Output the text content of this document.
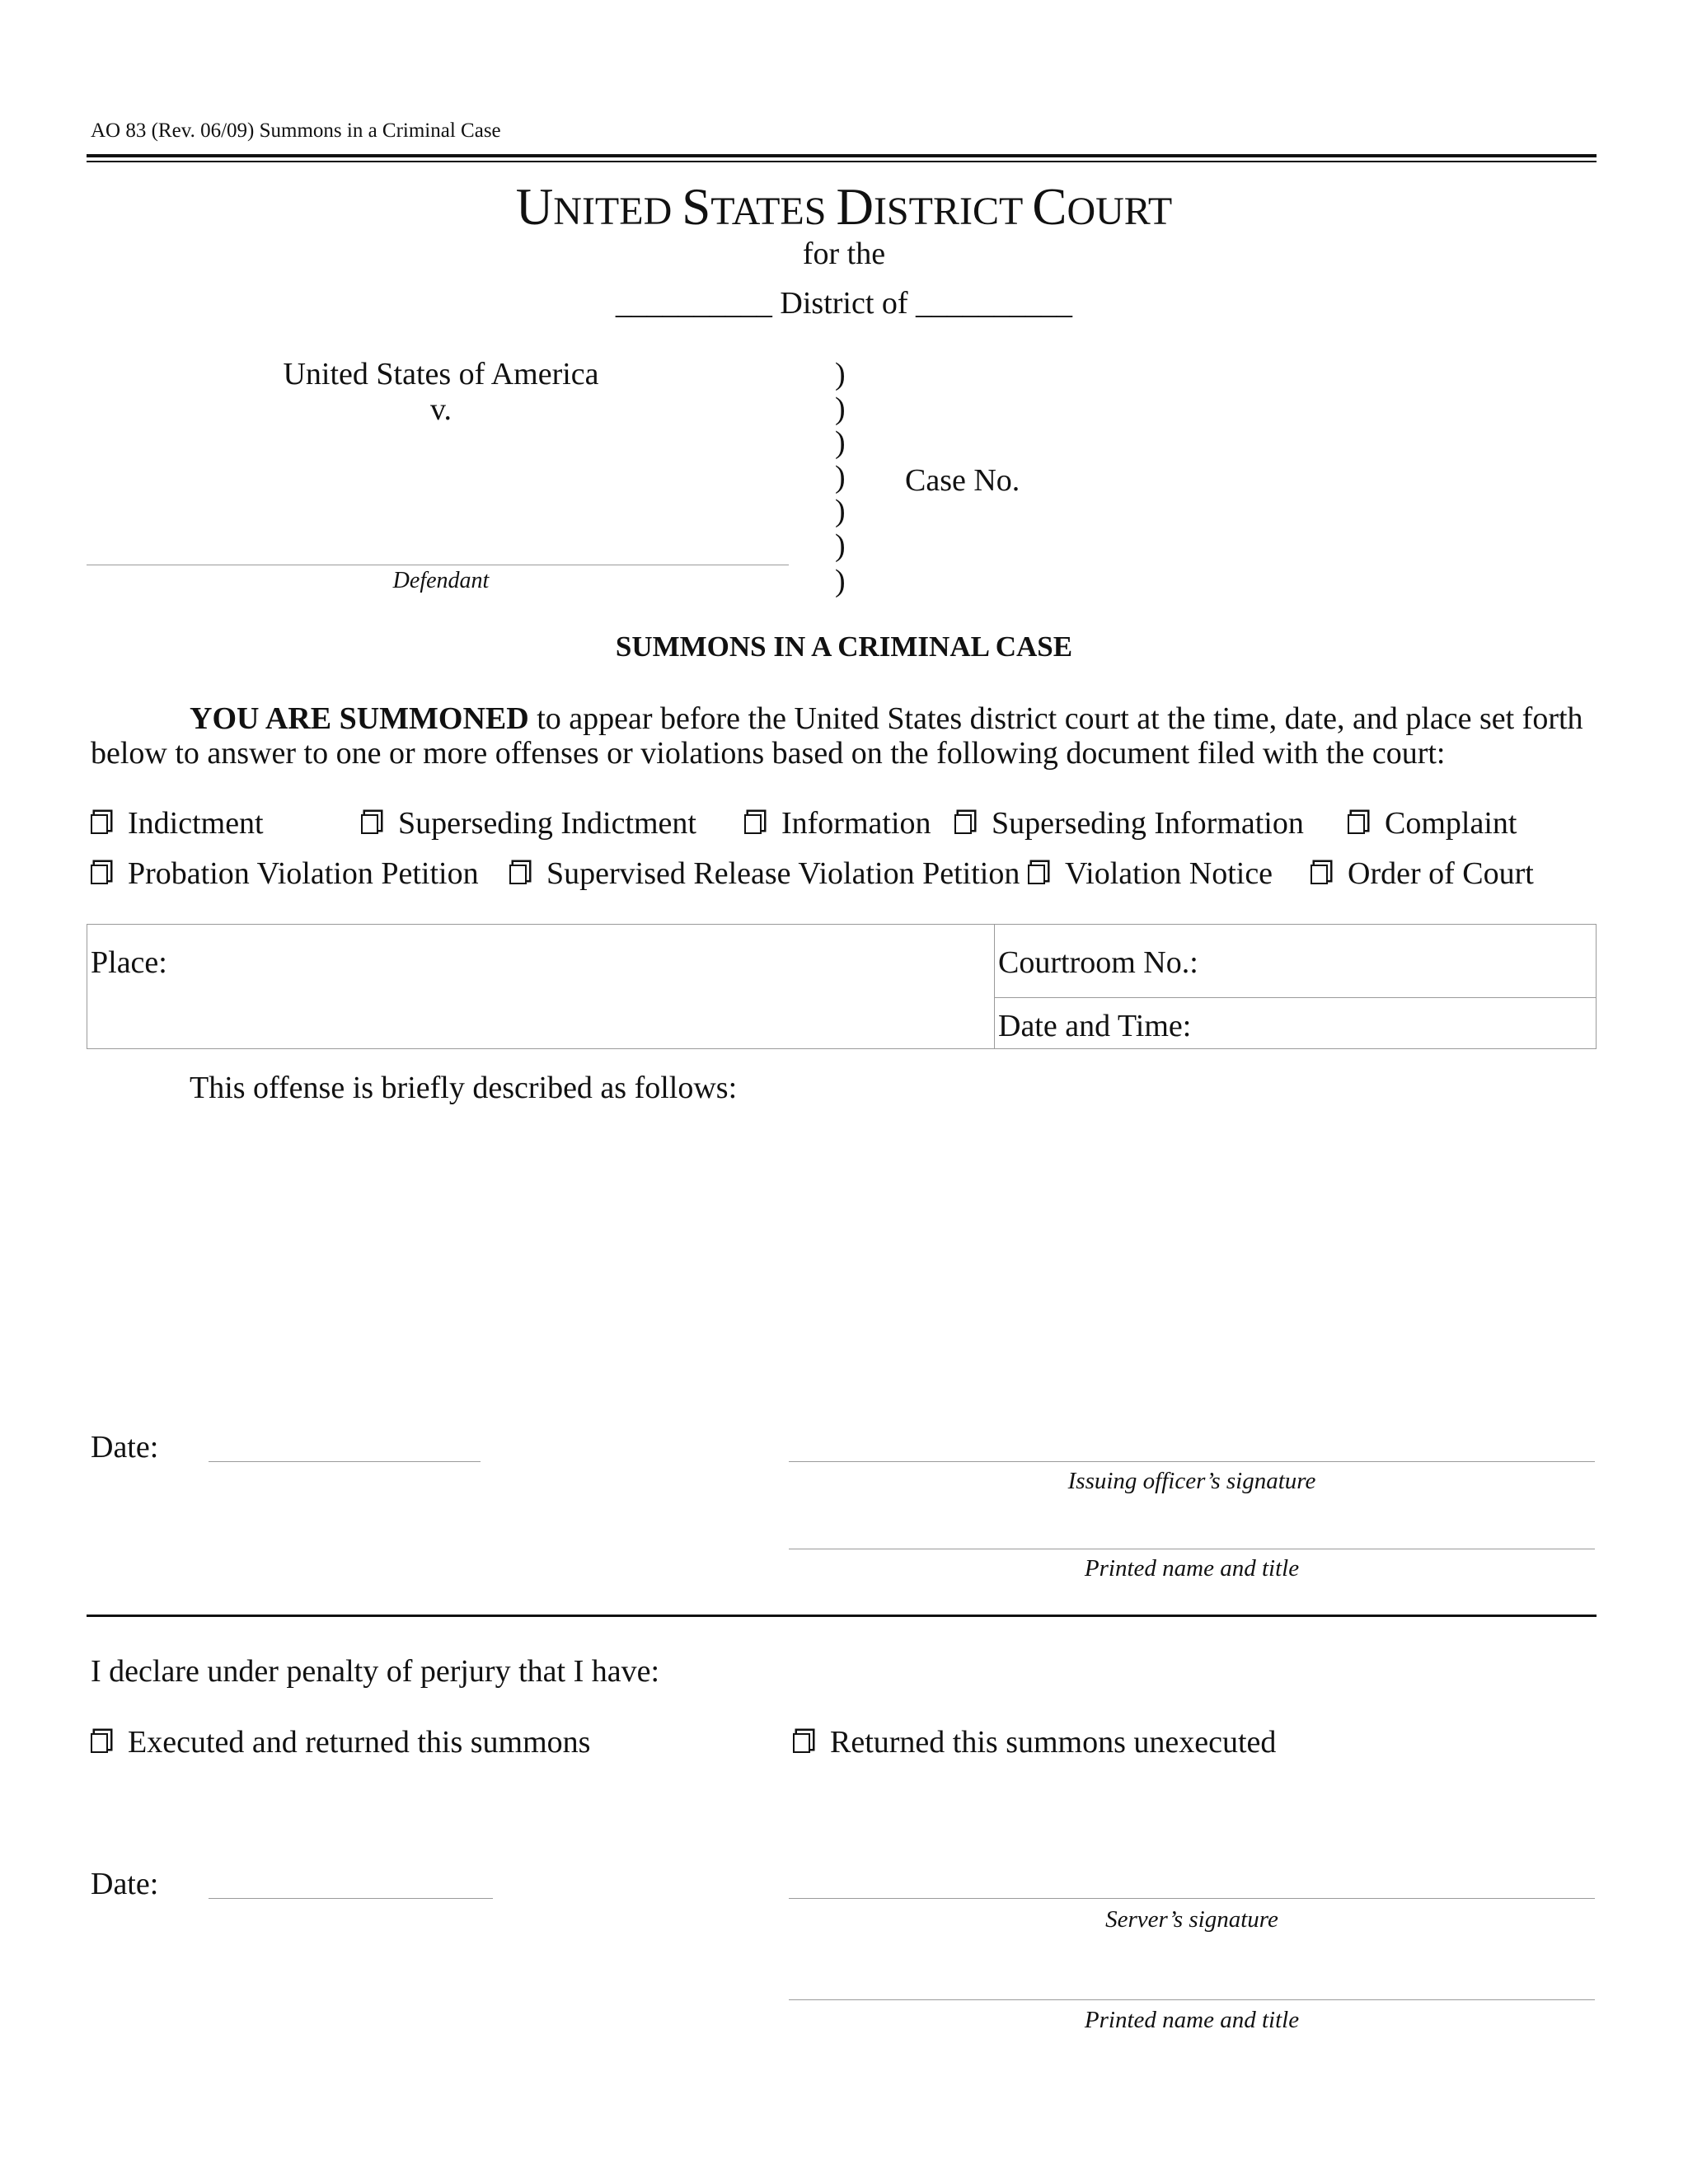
AO 83 (Rev. 06/09) Summons in a Criminal Case
UNITED STATES DISTRICT COURT
for the
__________ District of __________
United States of America
v.
Defendant
)
)
)
)
)
)
)
Case No.
SUMMONS IN A CRIMINAL CASE
YOU ARE SUMMONED to appear before the United States district court at the time, date, and place set forth
below to answer to one or more offenses or violations based on the following document filed with the court:
Indictment	Superseding Indictment	Information	Superseding Information	Complaint
Probation Violation Petition	Supervised Release Violation Petition	Violation Notice	Order of Court
Place:	Courtroom No.:
Date and Time:
This offense is briefly described as follows:
Date:
Issuing officer’s signature
Printed name and title
I declare under penalty of perjury that I have:
Executed and returned this summons	Returned this summons unexecuted
Date:
Server’s signature
Printed name and title
